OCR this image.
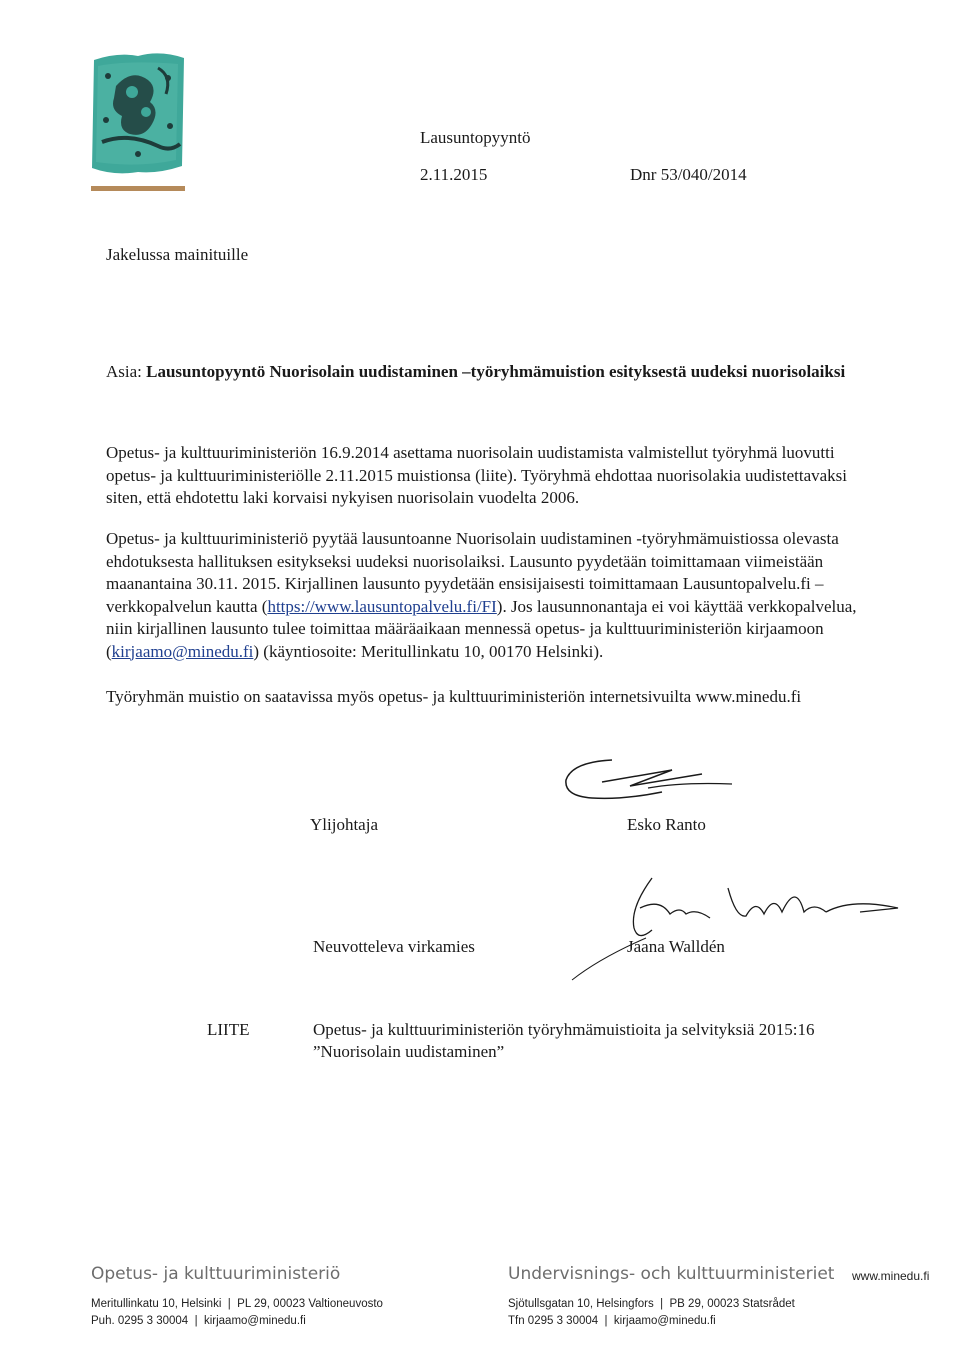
Lausuntopyyntö
2.11.2015	Dnr 53/040/2014
Jakelussa mainituille
Asia: Lausuntopyyntö Nuorisolain uudistaminen –työryhmämuistion esityksestä uudeksi nuorisolaiksi
Opetus- ja kulttuuriministeriön 16.9.2014 asettama nuorisolain uudistamista valmistellut työryhmä luovutti
opetus- ja kulttuuriministeriölle 2.11.2015 muistionsa (liite). Työryhmä ehdottaa nuorisolakia uudistettavaksi
siten, että ehdotettu laki korvaisi nykyisen nuorisolain vuodelta 2006.
Opetus- ja kulttuuriministeriö pyytää lausuntoanne Nuorisolain uudistaminen -työryhmämuistiossa olevasta
ehdotuksesta hallituksen esitykseksi uudeksi nuorisolaiksi. Lausunto pyydetään toimittamaan viimeistään
maanantaina 30.11. 2015. Kirjallinen lausunto pyydetään ensisijaisesti toimittamaan Lausuntopalvelu.fi –
verkkopalvelun kautta (https://www.lausuntopalvelu.fi/FI). Jos lausunnonantaja ei voi käyttää verkkopalvelua,
niin kirjallinen lausunto tulee toimittaa määräaikaan mennessä opetus- ja kulttuuriministeriön kirjaamoon
(kirjaamo@minedu.fi) (käyntiosoite: Meritullinkatu 10, 00170 Helsinki).
Työryhmän muistio on saatavissa myös opetus- ja kulttuuriministeriön internetsivuilta www.minedu.fi
Ylijohtaja	Esko Ranto
Neuvotteleva virkamies	Jaana Walldén
LIITE	Opetus- ja kulttuuriministeriön työryhmämuistioita ja selvityksiä 2015:16
”Nuorisolain uudistaminen”
Opetus- ja kulttuuriministeriö	Undervisnings- och kulttuurministeriet www.minedu.fi
Meritullinkatu 10, Helsinki  |  PL 29, 00023 Valtioneuvosto
Puh. 0295 3 30004  |  kirjaamo@minedu.fi
Sjötullsgatan 10, Helsingfors  |  PB 29, 00023 Statsrådet
Tfn 0295 3 30004  |  kirjaamo@minedu.fi
